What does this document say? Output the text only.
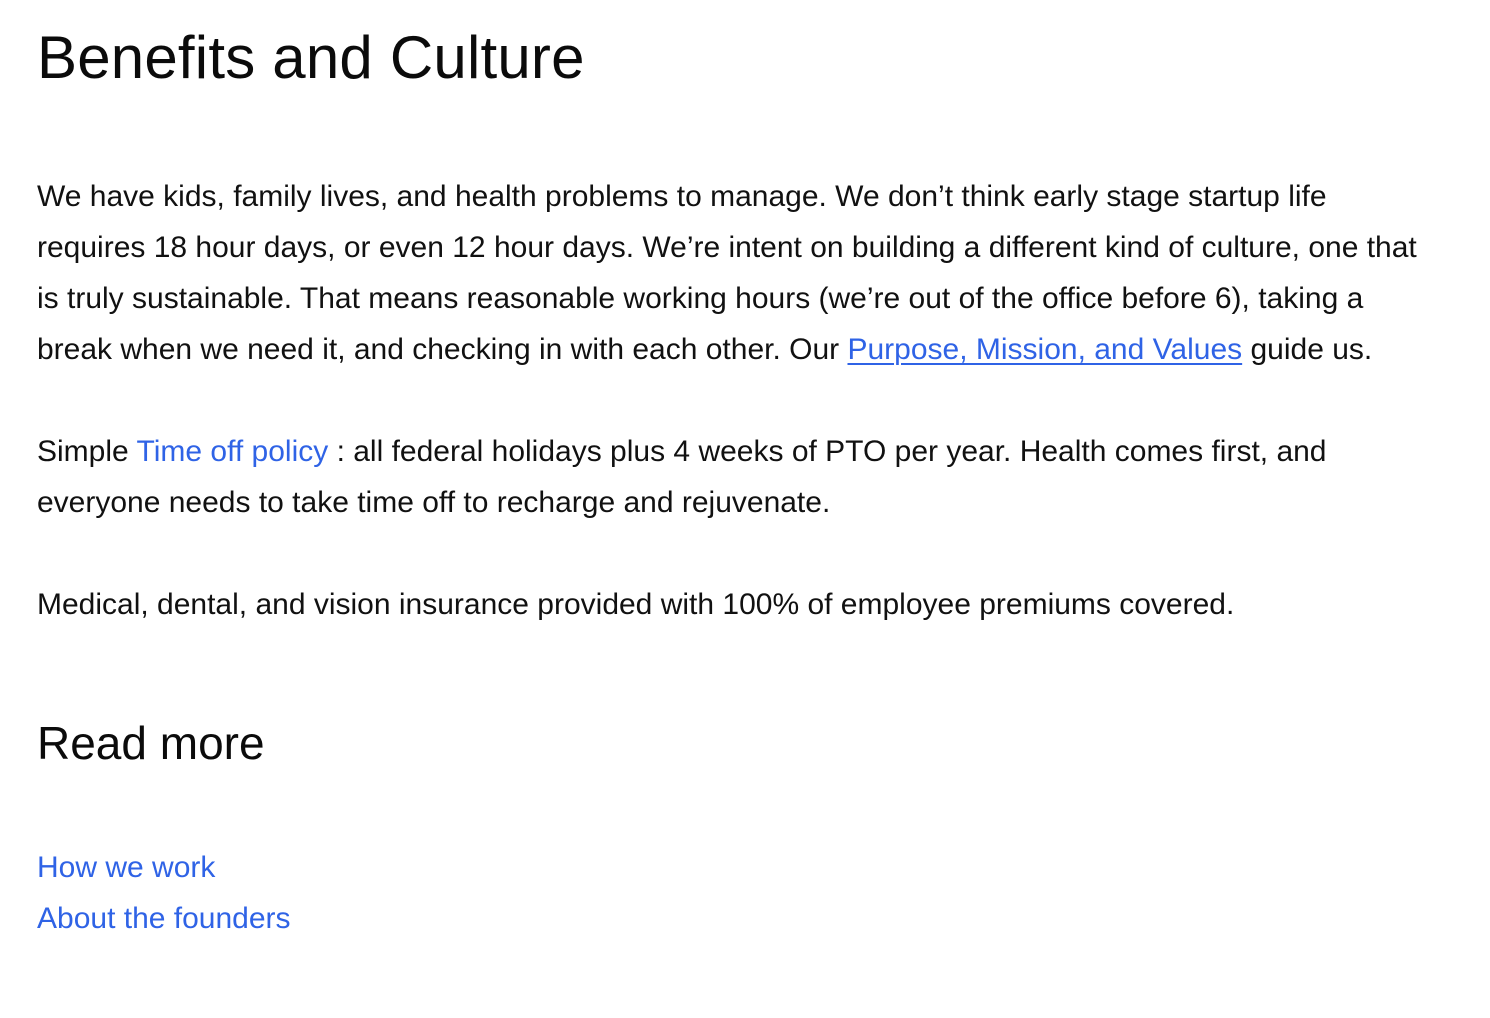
Benefits and Culture

We have kids, family lives, and health problems to manage. We don’t think early stage startup life requires 18 hour days, or even 12 hour days. We’re intent on building a different kind of culture, one that is truly sustainable. That means reasonable working hours (we’re out of the office before 6), taking a break when we need it, and checking in with each other. Our Purpose, Mission, and Values guide us.

Simple Time off policy : all federal holidays plus 4 weeks of PTO per year. Health comes first, and everyone needs to take time off to recharge and rejuvenate.

Medical, dental, and vision insurance provided with 100% of employee premiums covered.

Read more
How we work
About the founders
